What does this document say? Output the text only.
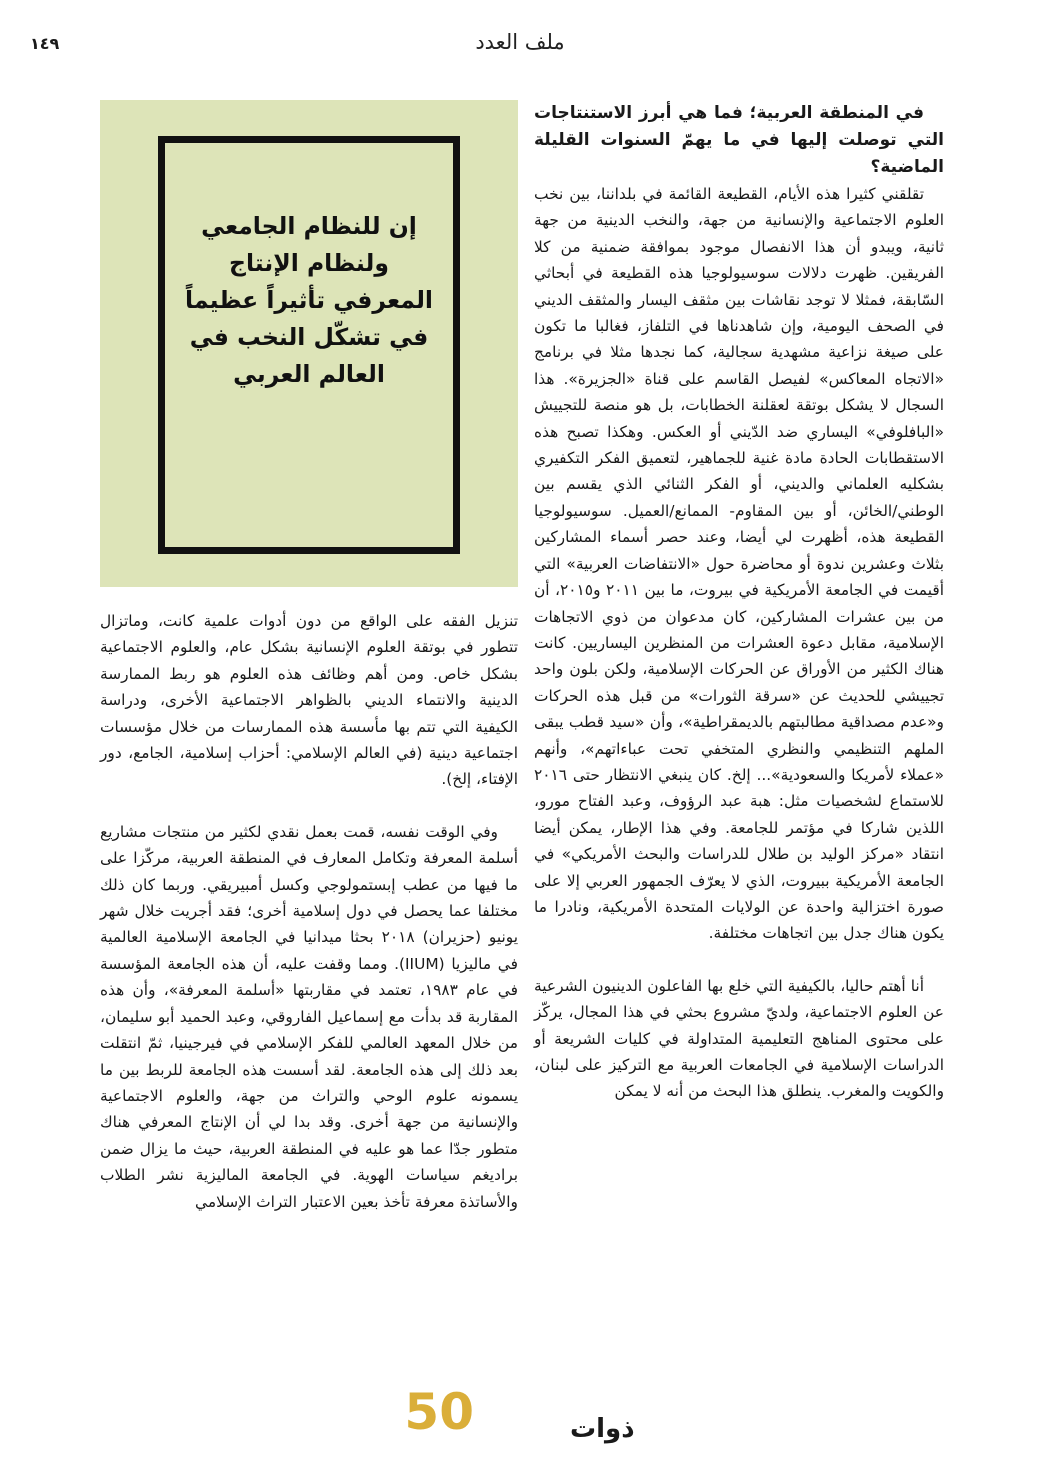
ملف العدد
١٤٩

في المنطقة العربية؛ فما هي أبرز الاستنتاجات التي توصلت إليها في ما يهمّ السنوات القليلة الماضية؟

تقلقني كثيرا هذه الأيام، القطيعة القائمة في بلداننا، بين نخب العلوم الاجتماعية والإنسانية من جهة، والنخب الدينية من جهة ثانية، ويبدو أن هذا الانفصال موجود بموافقة ضمنية من كلا الفريقين. ظهرت دلالات سوسيولوجيا هذه القطيعة في أبحاثي السّابقة، فمثلا لا توجد نقاشات بين مثقف اليسار والمثقف الديني في الصحف اليومية، وإن شاهدناها في التلفاز، فغالبا ما تكون على صيغة نزاعية مشهدية سجالية، كما نجدها مثلا في برنامج «الاتجاه المعاكس» لفيصل القاسم على قناة «الجزيرة». هذا السجال لا يشكل بوتقة لعقلنة الخطابات، بل هو منصة للتجييش «البافلوفي» اليساري ضد الدّيني أو العكس. وهكذا تصبح هذه الاستقطابات الحادة مادة غنية للجماهير، لتعميق الفكر التكفيري بشكليه العلماني والديني، أو الفكر الثنائي الذي يقسم بين الوطني/الخائن، أو بين المقاوم- الممانع/العميل. سوسيولوجيا القطيعة هذه، أظهرت لي أيضا، وعند حصر أسماء المشاركين بثلاث وعشرين ندوة أو محاضرة حول «الانتفاضات العربية» التي أقيمت في الجامعة الأمريكية في بيروت، ما بين ٢٠١١ و٢٠١٥، أن من بين عشرات المشاركين، كان مدعوان من ذوي الاتجاهات الإسلامية، مقابل دعوة العشرات من المنظرين اليساريين. كانت هناك الكثير من الأوراق عن الحركات الإسلامية، ولكن بلون واحد تجييشي للحديث عن «سرقة الثورات» من قبل هذه الحركات و«عدم مصداقية مطالبتهم بالديمقراطية»، وأن «سيد قطب يبقى الملهم التنظيمي والنظري المتخفي تحت عباءاتهم»، وأنهم «عملاء لأمريكا والسعودية»... إلخ. كان ينبغي الانتظار حتى ٢٠١٦ للاستماع لشخصيات مثل: هبة عبد الرؤوف، وعبد الفتاح مورو، اللذين شاركا في مؤتمر للجامعة. وفي هذا الإطار، يمكن أيضا انتقاد «مركز الوليد بن طلال للدراسات والبحث الأمريكي» في الجامعة الأمريكية ببيروت، الذي لا يعرّف الجمهور العربي إلا على صورة اختزالية واحدة عن الولايات المتحدة الأمريكية، ونادرا ما يكون هناك جدل بين اتجاهات مختلفة.

أنا أهتم حاليا، بالكيفية التي خلع بها الفاعلون الدينيون الشرعية عن العلوم الاجتماعية، ولديّ مشروع بحثي في هذا المجال، يركّز على محتوى المناهج التعليمية المتداولة في كليات الشريعة أو الدراسات الإسلامية في الجامعات العربية مع التركيز على لبنان، والكويت والمغرب. ينطلق هذا البحث من أنه لا يمكن

إن للنظام الجامعي ولنظام الإنتاج المعرفي تأثيراً عظيماً في تشكّل النخب في العالم العربي

تنزيل الفقه على الواقع من دون أدوات علمية كانت، وماتزال تتطور في بوتقة العلوم الإنسانية بشكل عام، والعلوم الاجتماعية بشكل خاص. ومن أهم وظائف هذه العلوم هو ربط الممارسة الدينية والانتماء الديني بالظواهر الاجتماعية الأخرى، ودراسة الكيفية التي تتم بها مأسسة هذه الممارسات من خلال مؤسسات اجتماعية دينية (في العالم الإسلامي: أحزاب إسلامية، الجامع، دور الإفتاء، إلخ).

وفي الوقت نفسه، قمت بعمل نقدي لكثير من منتجات مشاريع أسلمة المعرفة وتكامل المعارف في المنطقة العربية، مركّزا على ما فيها من عطب إبستمولوجي وكسل أمبيريقي. وربما كان ذلك مختلفا عما يحصل في دول إسلامية أخرى؛ فقد أجريت خلال شهر يونيو (حزيران) ٢٠١٨ بحثا ميدانيا في الجامعة الإسلامية العالمية في ماليزيا (IIUM). ومما وقفت عليه، أن هذه الجامعة المؤسسة في عام ١٩٨٣، تعتمد في مقاربتها «أسلمة المعرفة»، وأن هذه المقاربة قد بدأت مع إسماعيل الفاروقي، وعبد الحميد أبو سليمان، من خلال المعهد العالمي للفكر الإسلامي في فيرجينيا، ثمّ انتقلت بعد ذلك إلى هذه الجامعة. لقد أسست هذه الجامعة للربط بين ما يسمونه علوم الوحي والتراث من جهة، والعلوم الاجتماعية والإنسانية من جهة أخرى. وقد بدا لي أن الإنتاج المعرفي هناك متطور جدّا عما هو عليه في المنطقة العربية، حيث ما يزال ضمن براديغم سياسات الهوية. في الجامعة الماليزية نشر الطلاب والأساتذة معرفة تأخذ بعين الاعتبار التراث الإسلامي

50	ذوات
